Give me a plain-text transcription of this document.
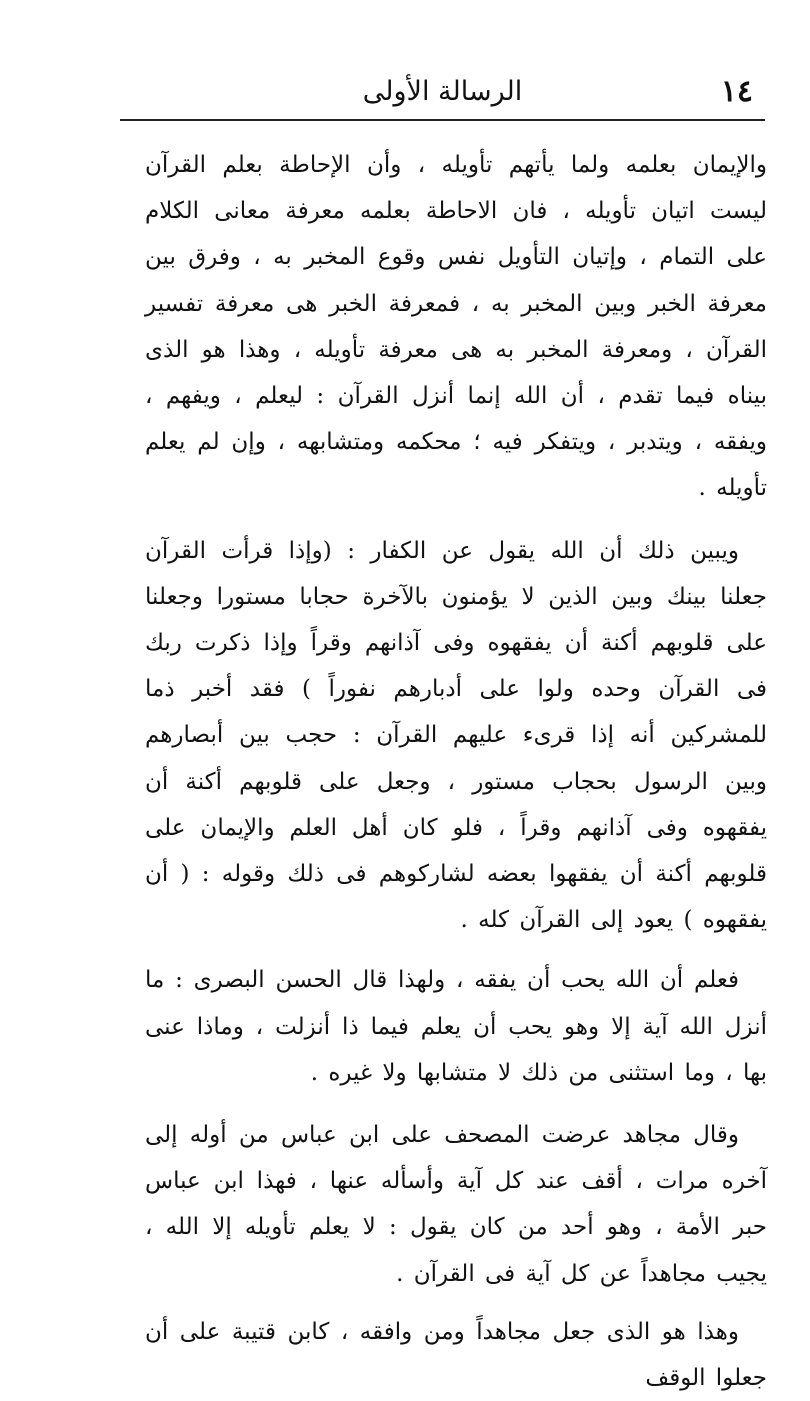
١٤
الرسالة الأولى

والإيمان بعلمه ولما يأتهم تأويله ، وأن الإحاطة بعلم القرآن ليست اتيان تأويله ، فان الاحاطة بعلمه معرفة معانى الكلام على التمام ، وإتيان التأويل نفس وقوع المخبر به ، وفرق بين معرفة الخبر وبين المخبر به ، فمعرفة الخبر هى معرفة تفسير القرآن ، ومعرفة المخبر به هى معرفة تأويله ، وهذا هو الذى بيناه فيما تقدم ، أن الله إنما أنزل القرآن : ليعلم ، ويفهم ، ويفقه ، ويتدبر ، ويتفكر فيه ؛ محكمه ومتشابهه ، وإن لم يعلم تأويله .

ويبين ذلك أن الله يقول عن الكفار : (وإذا قرأت القرآن جعلنا بينك وبين الذين لا يؤمنون بالآخرة حجابا مستورا وجعلنا على قلوبهم أكنة أن يفقهوه وفى آذانهم وقراً وإذا ذكرت ربك فى القرآن وحده ولوا على أدبارهم نفوراً ) فقد أخبر ذما للمشركين أنه إذا قرىء عليهم القرآن : حجب بين أبصارهم وبين الرسول بحجاب مستور ، وجعل على قلوبهم أكنة أن يفقهوه وفى آذانهم وقراً ، فلو كان أهل العلم والإيمان على قلوبهم أكنة أن يفقهوا بعضه لشاركوهم فى ذلك وقوله : ( أن يفقهوه ) يعود إلى القرآن كله .

فعلم أن الله يحب أن يفقه ، ولهذا قال الحسن البصرى : ما أنزل الله آية إلا وهو يحب أن يعلم فيما ذا أنزلت ، وماذا عنى بها ، وما استثنى من ذلك لا متشابها ولا غيره .

وقال مجاهد عرضت المصحف على ابن عباس من أوله إلى آخره مرات ، أقف عند كل آية وأسأله عنها ، فهذا ابن عباس حبر الأمة ، وهو أحد من كان يقول : لا يعلم تأويله إلا الله ، يجيب مجاهداً عن كل آية فى القرآن .

وهذا هو الذى جعل مجاهداً ومن وافقه ، كابن قتيبة على أن جعلوا الوقف
